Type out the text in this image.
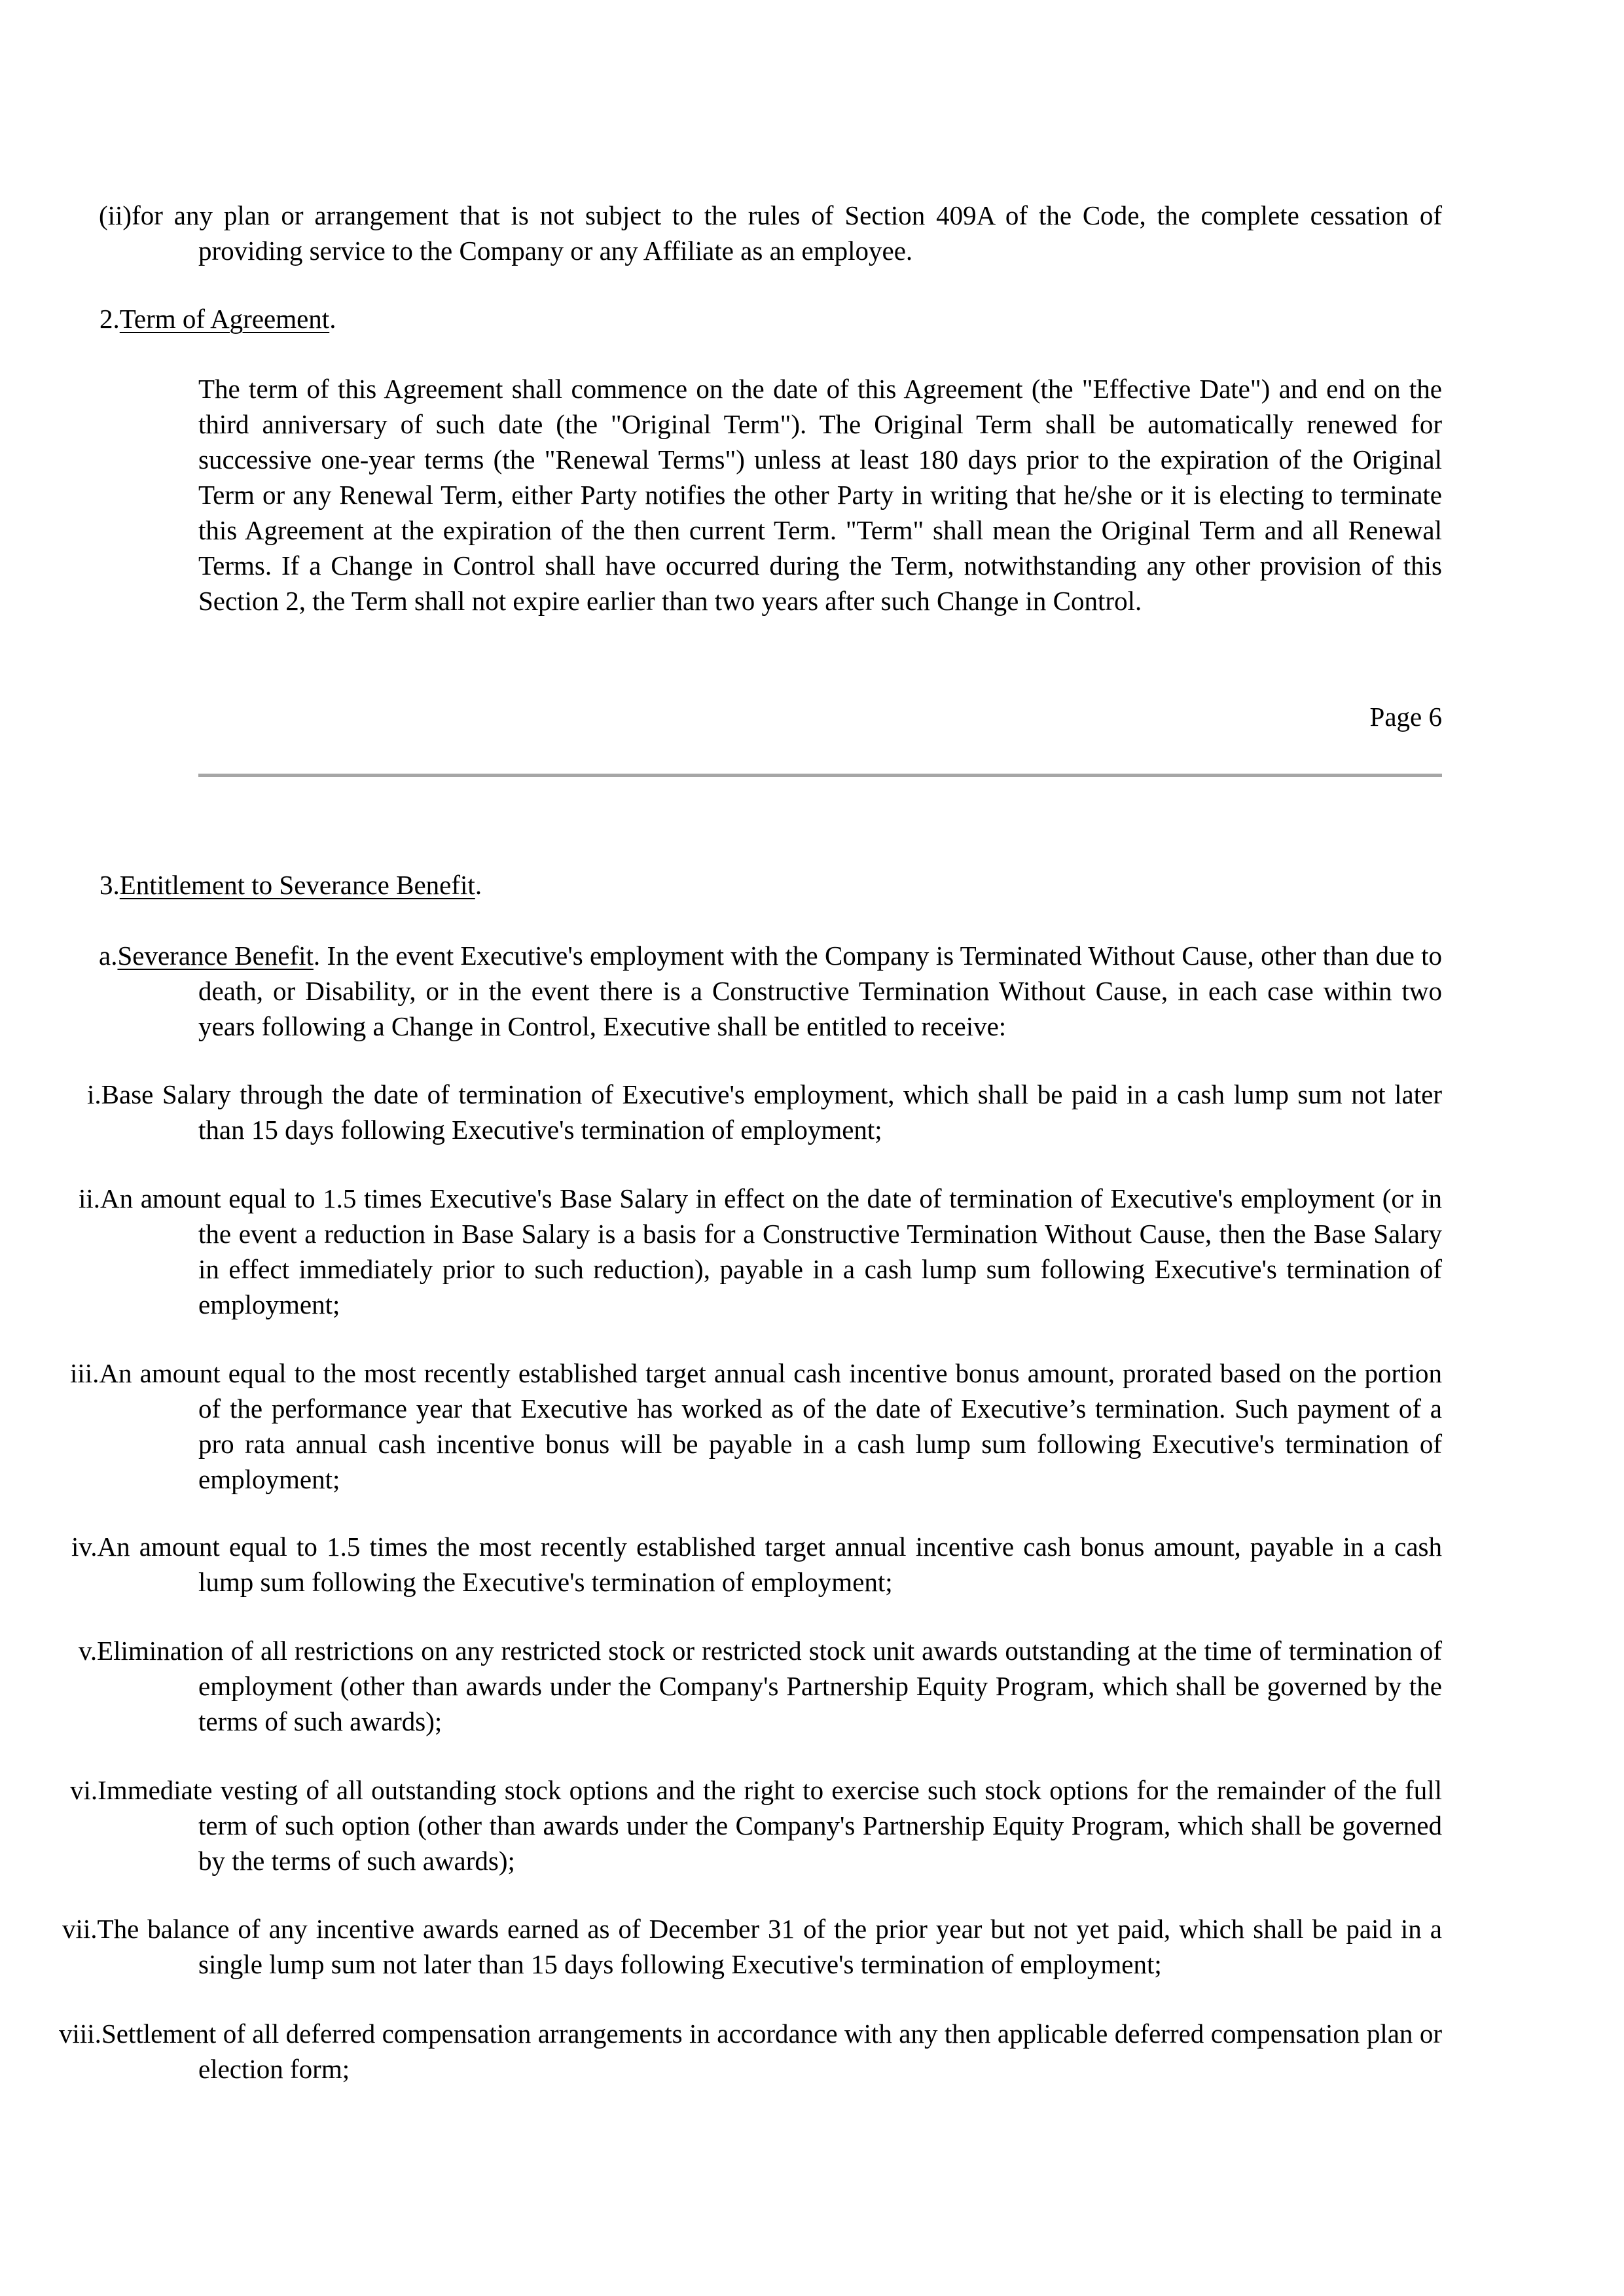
(ii)for any plan or arrangement that is not subject to the rules of Section 409A of the Code, the complete cessation of providing service to the Company or any Affiliate as an employee.

2.Term of Agreement.

The term of this Agreement shall commence on the date of this Agreement (the "Effective Date") and end on the third anniversary of such date (the "Original Term"). The Original Term shall be automatically renewed for successive one-year terms (the "Renewal Terms") unless at least 180 days prior to the expiration of the Original Term or any Renewal Term, either Party notifies the other Party in writing that he/she or it is electing to terminate this Agreement at the expiration of the then current Term. "Term" shall mean the Original Term and all Renewal Terms. If a Change in Control shall have occurred during the Term, notwithstanding any other provision of this Section 2, the Term shall not expire earlier than two years after such Change in Control.

Page 6

3.Entitlement to Severance Benefit.

a.Severance Benefit. In the event Executive's employment with the Company is Terminated Without Cause, other than due to death, or Disability, or in the event there is a Constructive Termination Without Cause, in each case within two years following a Change in Control, Executive shall be entitled to receive:

i.Base Salary through the date of termination of Executive's employment, which shall be paid in a cash lump sum not later than 15 days following Executive's termination of employment;

ii.An amount equal to 1.5 times Executive's Base Salary in effect on the date of termination of Executive's employment (or in the event a reduction in Base Salary is a basis for a Constructive Termination Without Cause, then the Base Salary in effect immediately prior to such reduction), payable in a cash lump sum following Executive's termination of employment;

iii.An amount equal to the most recently established target annual cash incentive bonus amount, prorated based on the portion of the performance year that Executive has worked as of the date of Executive’s termination. Such payment of a pro rata annual cash incentive bonus will be payable in a cash lump sum following Executive's termination of employment;

iv.An amount equal to 1.5 times the most recently established target annual incentive cash bonus amount, payable in a cash lump sum following the Executive's termination of employment;

v.Elimination of all restrictions on any restricted stock or restricted stock unit awards outstanding at the time of termination of employment (other than awards under the Company's Partnership Equity Program, which shall be governed by the terms of such awards);

vi.Immediate vesting of all outstanding stock options and the right to exercise such stock options for the remainder of the full term of such option (other than awards under the Company's Partnership Equity Program, which shall be governed by the terms of such awards);

vii.The balance of any incentive awards earned as of December 31 of the prior year but not yet paid, which shall be paid in a single lump sum not later than 15 days following Executive's termination of employment;

viii.Settlement of all deferred compensation arrangements in accordance with any then applicable deferred compensation plan or election form;
